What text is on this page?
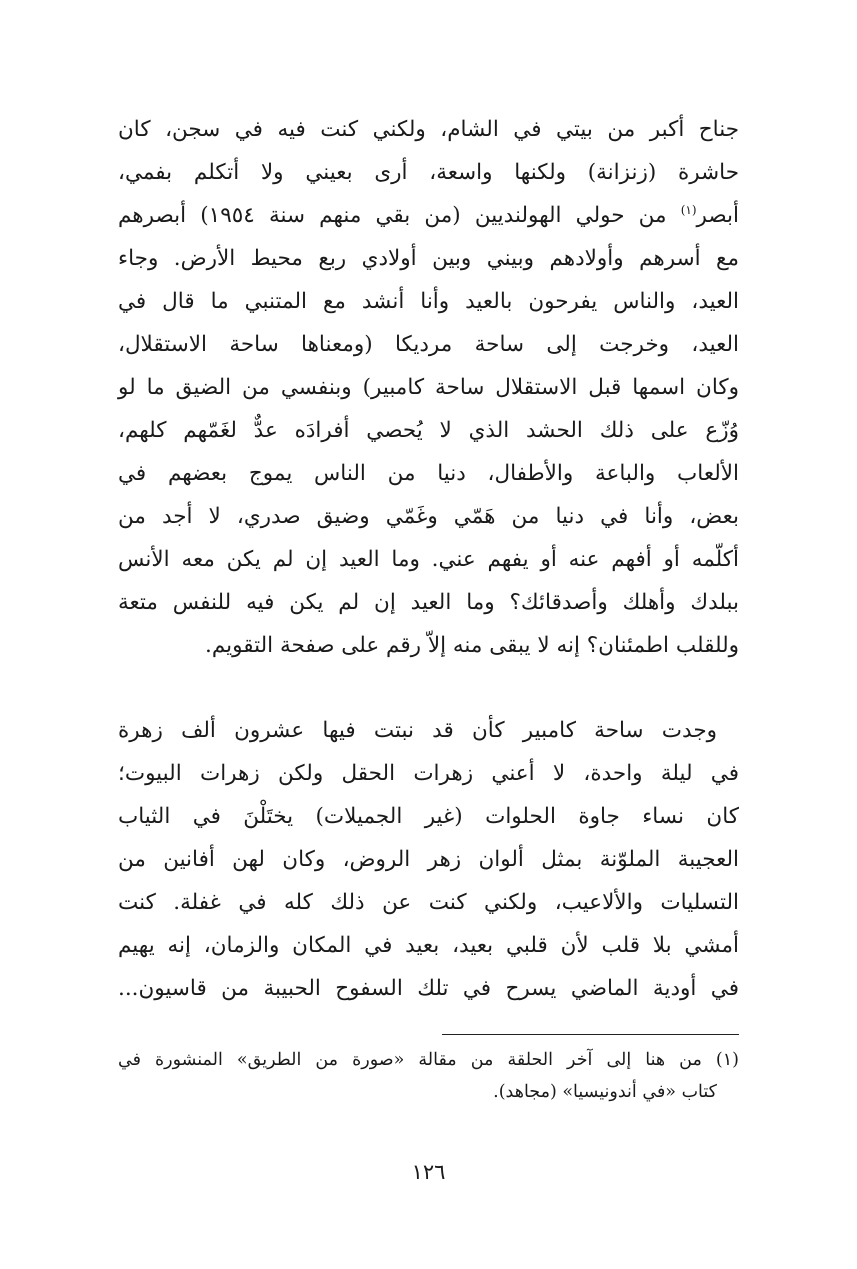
جناح أكبر من بيتي في الشام، ولكني كنت فيه في سجن، كان
حاشرة (زنزانة) ولكنها واسعة، أرى بعيني ولا أتكلم بفمي،
أبصر$^{(١)}$ من حولي الهولنديين (من بقي منهم سنة ١٩٥٤) أبصرهم
مع أسرهم وأولادهم وبيني وبين أولادي ربع محيط الأرض. وجاء
العيد، والناس يفرحون بالعيد وأنا أنشد مع المتنبي ما قال في
العيد، وخرجت إلى ساحة مرديكا (ومعناها ساحة الاستقلال،
وكان اسمها قبل الاستقلال ساحة كامبير) وبنفسي من الضيق ما لو
وُزّع على ذلك الحشد الذي لا يُحصي أفرادَه عدٌّ لغَمّهم كلهم،
الألعاب والباعة والأطفال، دنيا من الناس يموج بعضهم في
بعض، وأنا في دنيا من هَمّي وغَمّي وضيق صدري، لا أجد من
أكلّمه أو أفهم عنه أو يفهم عني. وما العيد إن لم يكن معه الأنس
ببلدك وأهلك وأصدقائك؟ وما العيد إن لم يكن فيه للنفس متعة
وللقلب اطمئنان؟ إنه لا يبقى منه إلاّ رقم على صفحة التقويم.
وجدت ساحة كامبير كأن قد نبتت فيها عشرون ألف زهرة
في ليلة واحدة، لا أعني زهرات الحقل ولكن زهرات البيوت؛
كان نساء جاوة الحلوات (غير الجميلات) يختَلْنَ في الثياب
العجيبة الملوّنة بمثل ألوان زهر الروض، وكان لهن أفانين من
التسليات والألاعيب، ولكني كنت عن ذلك كله في غفلة. كنت
أمشي بلا قلب لأن قلبي بعيد، بعيد في المكان والزمان، إنه يهيم
في أودية الماضي يسرح في تلك السفوح الحبيبة من قاسيون...
(١) من هنا إلى آخر الحلقة من مقالة «صورة من الطريق» المنشورة في
كتاب «في أندونيسيا» (مجاهد).
١٢٦
